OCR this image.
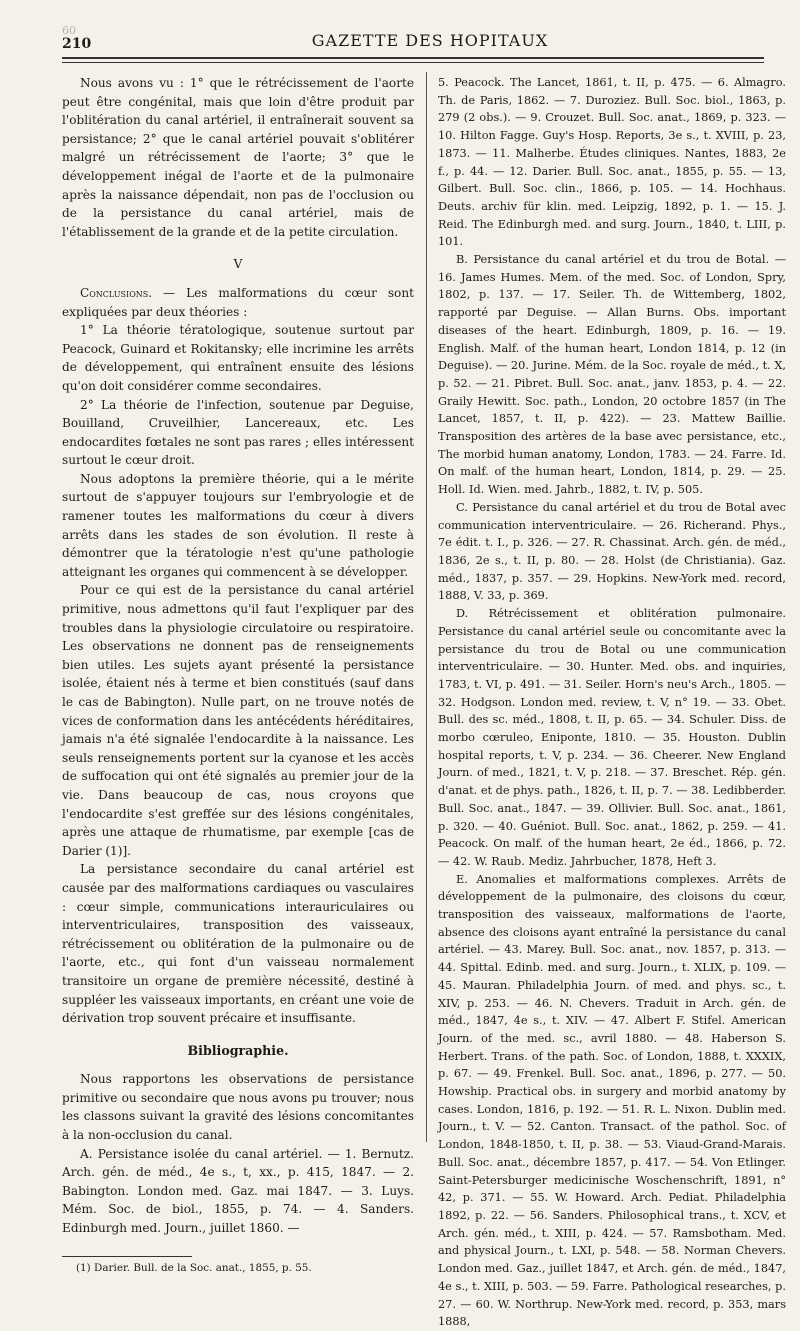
60
210	GAZETTE DES HOPITAUX

Nous avons vu : 1° que le rétrécissement de l'aorte peut être congénital, mais que loin d'être produit par l'oblitération du canal artériel, il entraînerait souvent sa persistance; 2° que le canal artériel pouvait s'oblitérer malgré un rétrécissement de l'aorte; 3° que le développement inégal de l'aorte et de la pulmonaire après la naissance dépendait, non pas de l'occlusion ou de la persistance du canal artériel, mais de l'établissement de la grande et de la petite circulation.

V

Conclusions. — Les malformations du cœur sont expliquées par deux théories :

1° La théorie tératologique, soutenue surtout par Peacock, Guinard et Rokitansky; elle incrimine les arrêts de développement, qui entraînent ensuite des lésions qu'on doit considérer comme secondaires.

2° La théorie de l'infection, soutenue par Deguise, Bouilland, Cruveilhier, Lancereaux, etc. Les endocardites fœtales ne sont pas rares ; elles intéressent surtout le cœur droit.

Nous adoptons la première théorie, qui a le mérite surtout de s'appuyer toujours sur l'embryologie et de ramener toutes les malformations du cœur à divers arrêts dans les stades de son évolution. Il reste à démontrer que la tératologie n'est qu'une pathologie atteignant les organes qui commencent à se développer.

Pour ce qui est de la persistance du canal artériel primitive, nous admettons qu'il faut l'expliquer par des troubles dans la physiologie circulatoire ou respiratoire. Les observations ne donnent pas de renseignements bien utiles. Les sujets ayant présenté la persistance isolée, étaient nés à terme et bien constitués (sauf dans le cas de Babington). Nulle part, on ne trouve notés de vices de conformation dans les antécédents héréditaires, jamais n'a été signalée l'endocardite à la naissance. Les seuls renseignements portent sur la cyanose et les accès de suffocation qui ont été signalés au premier jour de la vie. Dans beaucoup de cas, nous croyons que l'endocardite s'est greffée sur des lésions congénitales, après une attaque de rhumatisme, par exemple [cas de Darier (1)].

La persistance secondaire du canal artériel est causée par des malformations cardiaques ou vasculaires : cœur simple, communications interauriculaires ou interventriculaires, transposition des vaisseaux, rétrécissement ou oblitération de la pulmonaire ou de l'aorte, etc., qui font d'un vaisseau normalement transitoire un organe de première nécessité, destiné à suppléer les vaisseaux importants, en créant une voie de dérivation trop souvent précaire et insuffisante.

Bibliographie.

Nous rapportons les observations de persistance primitive ou secondaire que nous avons pu trouver; nous les classons suivant la gravité des lésions concomitantes à la non-occlusion du canal.

A. Persistance isolée du canal artériel. — 1. Bernutz. Arch. gén. de méd., 4e s., t, xx., p. 415, 1847. — 2. Babington. London med. Gaz. mai 1847. — 3. Luys. Mém. Soc. de biol., 1855, p. 74. — 4. Sanders. Edinburgh med. Journ., juillet 1860. —

(1) Darier. Bull. de la Soc. anat., 1855, p. 55.

5. Peacock. The Lancet, 1861, t. II, p. 475. — 6. Almagro. Th. de Paris, 1862. — 7. Duroziez. Bull. Soc. biol., 1863, p. 279 (2 obs.). — 9. Crouzet. Bull. Soc. anat., 1869, p. 323. — 10. Hilton Fagge. Guy's Hosp. Reports, 3e s., t. XVIII, p. 23, 1873. — 11. Malherbe. Études cliniques. Nantes, 1883, 2e f., p. 44. — 12. Darier. Bull. Soc. anat., 1855, p. 55. — 13, Gilbert. Bull. Soc. clin., 1866, p. 105. — 14. Hochhaus. Deuts. archiv für klin. med. Leipzig, 1892, p. 1. — 15. J. Reid. The Edinburgh med. and surg. Journ., 1840, t. LIII, p. 101.

B. Persistance du canal artériel et du trou de Botal. — 16. James Humes. Mem. of the med. Soc. of London, Spry, 1802, p. 137. — 17. Seiler. Th. de Wittemberg, 1802, rapporté par Deguise. — Allan Burns. Obs. important diseases of the heart. Edinburgh, 1809, p. 16. — 19. English. Malf. of the human heart, London 1814, p. 12 (in Deguise). — 20. Jurine. Mém. de la Soc. royale de méd., t. X, p. 52. — 21. Pibret. Bull. Soc. anat., janv. 1853, p. 4. — 22. Graily Hewitt. Soc. path., London, 20 octobre 1857 (in The Lancet, 1857, t. II, p. 422). — 23. Mattew Baillie. Transposition des artères de la base avec persistance, etc., The morbid human anatomy, London, 1783. — 24. Farre. Id. On malf. of the human heart, London, 1814, p. 29. — 25. Holl. Id. Wien. med. Jahrb., 1882, t. IV, p. 505.

C. Persistance du canal artériel et du trou de Botal avec communication interventriculaire. — 26. Richerand. Phys., 7e édit. t. I., p. 326. — 27. R. Chassinat. Arch. gén. de méd., 1836, 2e s., t. II, p. 80. — 28. Holst (de Christiania). Gaz. méd., 1837, p. 357. — 29. Hopkins. New-York med. record, 1888, V. 33, p. 369.

D. Rétrécissement et oblitération pulmonaire. Persistance du canal artériel seule ou concomitante avec la persistance du trou de Botal ou une communication interventriculaire. — 30. Hunter. Med. obs. and inquiries, 1783, t. VI, p. 491. — 31. Seiler. Horn's neu's Arch., 1805. — 32. Hodgson. London med. review, t. V, n° 19. — 33. Obet. Bull. des sc. méd., 1808, t. II, p. 65. — 34. Schuler. Diss. de morbo cœruleo, Eniponte, 1810. — 35. Houston. Dublin hospital reports, t. V, p. 234. — 36. Cheerer. New England Journ. of med., 1821, t. V, p. 218. — 37. Breschet. Rép. gén. d'anat. et de phys. path., 1826, t. II, p. 7. — 38. Ledibberder. Bull. Soc. anat., 1847. — 39. Ollivier. Bull. Soc. anat., 1861, p. 320. — 40. Guéniot. Bull. Soc. anat., 1862, p. 259. — 41. Peacock. On malf. of the human heart, 2e éd., 1866, p. 72. — 42. W. Raub. Mediz. Jahrbucher, 1878, Heft 3.

E. Anomalies et malformations complexes. Arrêts de développement de la pulmonaire, des cloisons du cœur, transposition des vaisseaux, malformations de l'aorte, absence des cloisons ayant entraîné la persistance du canal artériel. — 43. Marey. Bull. Soc. anat., nov. 1857, p. 313. — 44. Spittal. Edinb. med. and surg. Journ., t. XLIX, p. 109. — 45. Mauran. Philadelphia Journ. of med. and phys. sc., t. XIV, p. 253. — 46. N. Chevers. Traduit in Arch. gén. de méd., 1847, 4e s., t. XIV. — 47. Albert F. Stifel. American Journ. of the med. sc., avril 1880. — 48. Haberson S. Herbert. Trans. of the path. Soc. of London, 1888, t. XXXIX, p. 67. — 49. Frenkel. Bull. Soc. anat., 1896, p. 277. — 50. Howship. Practical obs. in surgery and morbid anatomy by cases. London, 1816, p. 192. — 51. R. L. Nixon. Dublin med. Journ., t. V. — 52. Canton. Transact. of the pathol. Soc. of London, 1848-1850, t. II, p. 38. — 53. Viaud-Grand-Marais. Bull. Soc. anat., décembre 1857, p. 417. — 54. Von Etlinger. Saint-Petersburger medicinische Woschenschrift, 1891, n° 42, p. 371. — 55. W. Howard. Arch. Pediat. Philadelphia 1892, p. 22. — 56. Sanders. Philosophical trans., t. XCV, et Arch. gén. méd., t. XIII, p. 424. — 57. Ramsbotham. Med. and physical Journ., t. LXI, p. 548. — 58. Norman Chevers. London med. Gaz., juillet 1847, et Arch. gén. de méd., 1847, 4e s., t. XIII, p. 503. — 59. Farre. Pathological researches, p. 27. — 60. W. Northrup. New-York med. record, p. 353, mars 1888,
